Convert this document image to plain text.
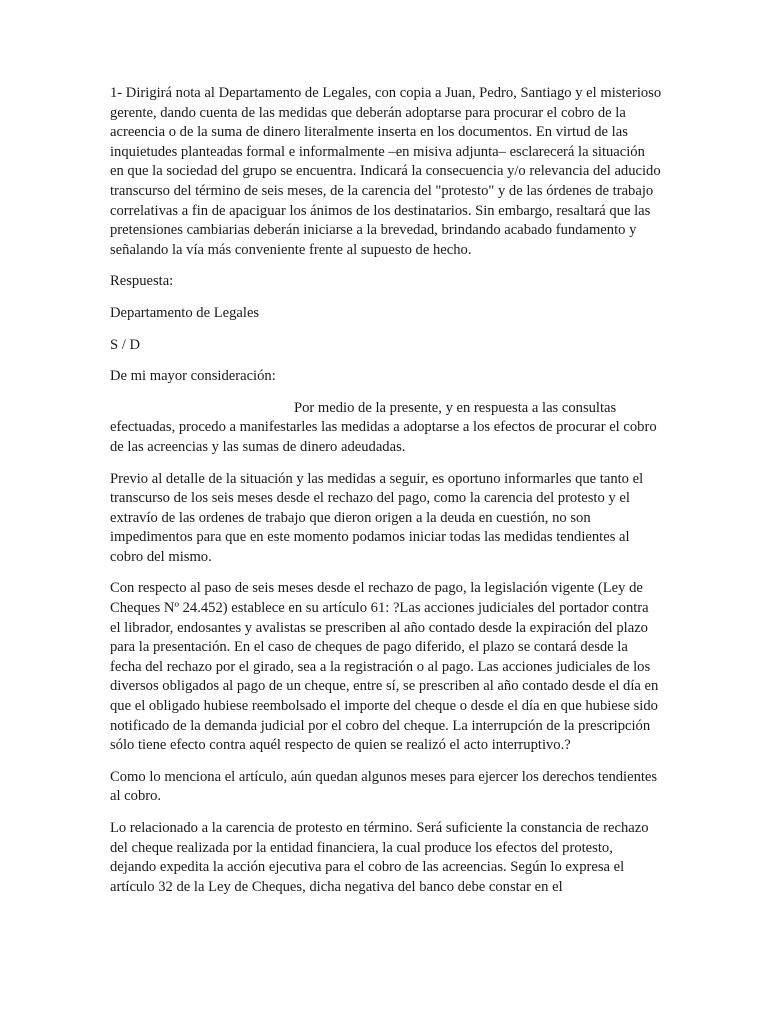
1- Dirigirá nota al Departamento de Legales, con copia a Juan, Pedro, Santiago y el misterioso gerente, dando cuenta de las medidas que deberán adoptarse para procurar el cobro de la acreencia o de la suma de dinero literalmente inserta en los documentos. En virtud de las inquietudes planteadas formal e informalmente –en misiva adjunta– esclarecerá la situación en que la sociedad del grupo se encuentra. Indicará la consecuencia y/o relevancia del aducido transcurso del término de seis meses, de la carencia del "protesto" y de las órdenes de trabajo correlativas a fin de apaciguar los ánimos de los destinatarios. Sin embargo, resaltará que las pretensiones cambiarias deberán iniciarse a la brevedad, brindando acabado fundamento y señalando la vía más conveniente frente al supuesto de hecho.

Respuesta:

Departamento de Legales

S / D

De mi mayor consideración:

Por medio de la presente, y en respuesta a las consultas efectuadas, procedo a manifestarles las medidas a adoptarse a los efectos de procurar el cobro de las acreencias y las sumas de dinero adeudadas.

Previo al detalle de la situación y las medidas a seguir, es oportuno informarles que tanto el transcurso de los seis meses desde el rechazo del pago, como la carencia del protesto y el extravío de las ordenes de trabajo que dieron origen a la deuda en cuestión, no son impedimentos para que en este momento podamos iniciar todas las medidas tendientes al cobro del mismo.

Con respecto al paso de seis meses desde el rechazo de pago, la legislación vigente (Ley de Cheques Nº 24.452) establece en su artículo 61: ?Las acciones judiciales del portador contra el librador, endosantes y avalistas se prescriben al año contado desde la expiración del plazo para la presentación. En el caso de cheques de pago diferido, el plazo se contará desde la fecha del rechazo por el girado, sea a la registración o al pago. Las acciones judiciales de los diversos obligados al pago de un cheque, entre sí, se prescriben al año contado desde el día en que el obligado hubiese reembolsado el importe del cheque o desde el día en que hubiese sido notificado de la demanda judicial por el cobro del cheque. La interrupción de la prescripción sólo tiene efecto contra aquél respecto de quien se realizó el acto interruptivo.?

Como lo menciona el artículo, aún quedan algunos meses para ejercer los derechos tendientes al cobro.

Lo relacionado a la carencia de protesto en término. Será suficiente la constancia de rechazo del cheque realizada por la entidad financiera, la cual produce los efectos del protesto, dejando expedita la acción ejecutiva para el cobro de las acreencias. Según lo expresa el artículo 32 de la Ley de Cheques, dicha negativa del banco debe constar en el
